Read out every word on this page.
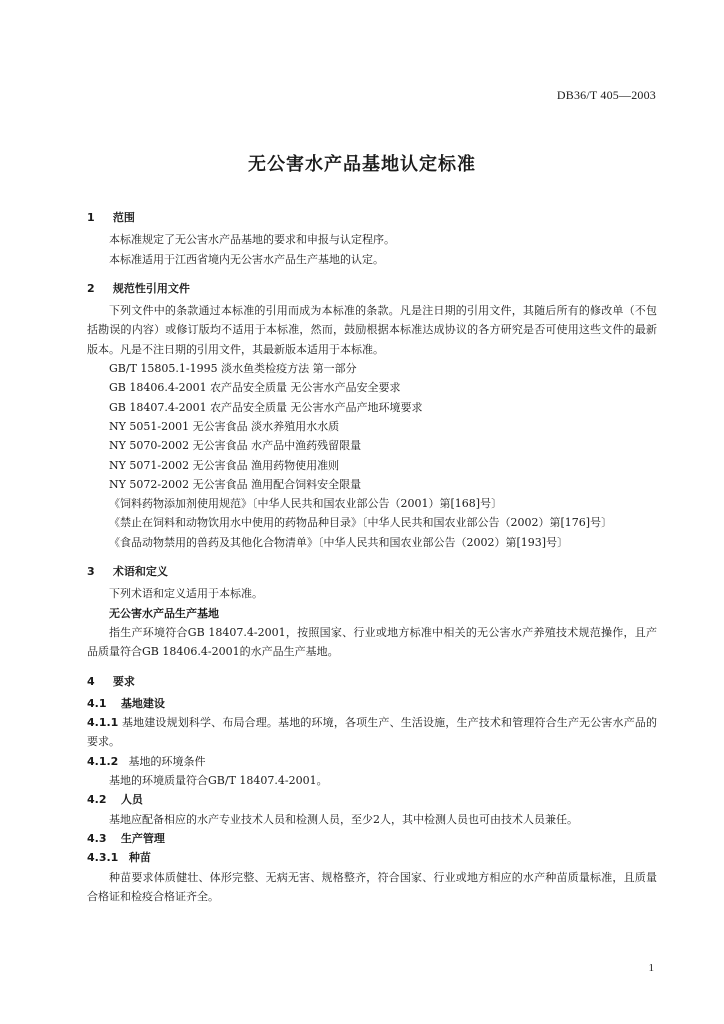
DB36/T 405—2003
无公害水产品基地认定标准
1 范围
本标准规定了无公害水产品基地的要求和申报与认定程序。
本标准适用于江西省境内无公害水产品生产基地的认定。
2 规范性引用文件
下列文件中的条款通过本标准的引用而成为本标准的条款。凡是注日期的引用文件，其随后所有的修改单（不包括勘误的内容）或修订版均不适用于本标准，然而，鼓励根据本标准达成协议的各方研究是否可使用这些文件的最新版本。凡是不注日期的引用文件，其最新版本适用于本标准。
GB/T 15805.1-1995 淡水鱼类检疫方法 第一部分
GB 18406.4-2001 农产品安全质量 无公害水产品安全要求
GB 18407.4-2001 农产品安全质量 无公害水产品产地环境要求
NY 5051-2001 无公害食品 淡水养殖用水水质
NY 5070-2002 无公害食品 水产品中渔药残留限量
NY 5071-2002 无公害食品 渔用药物使用准则
NY 5072-2002 无公害食品 渔用配合饲料安全限量
《饲料药物添加剂使用规范》〔中华人民共和国农业部公告（2001）第[168]号〕
《禁止在饲料和动物饮用水中使用的药物品种目录》〔中华人民共和国农业部公告（2002）第[176]号〕
《食品动物禁用的兽药及其他化合物清单》〔中华人民共和国农业部公告（2002）第[193]号〕
3 术语和定义
下列术语和定义适用于本标准。
无公害水产品生产基地
指生产环境符合GB 18407.4-2001，按照国家、行业或地方标准中相关的无公害水产养殖技术规范操作，且产品质量符合GB 18406.4-2001的水产品生产基地。
4 要求
4.1 基地建设
4.1.1 基地建设规划科学、布局合理。基地的环境，各项生产、生活设施，生产技术和管理符合生产无公害水产品的要求。
4.1.2 基地的环境条件
基地的环境质量符合GB/T 18407.4-2001。
4.2 人员
基地应配备相应的水产专业技术人员和检测人员，至少2人，其中检测人员也可由技术人员兼任。
4.3 生产管理
4.3.1 种苗
种苗要求体质健壮、体形完整、无病无害、规格整齐，符合国家、行业或地方相应的水产种苗质量标准，且质量合格证和检疫合格证齐全。
1
